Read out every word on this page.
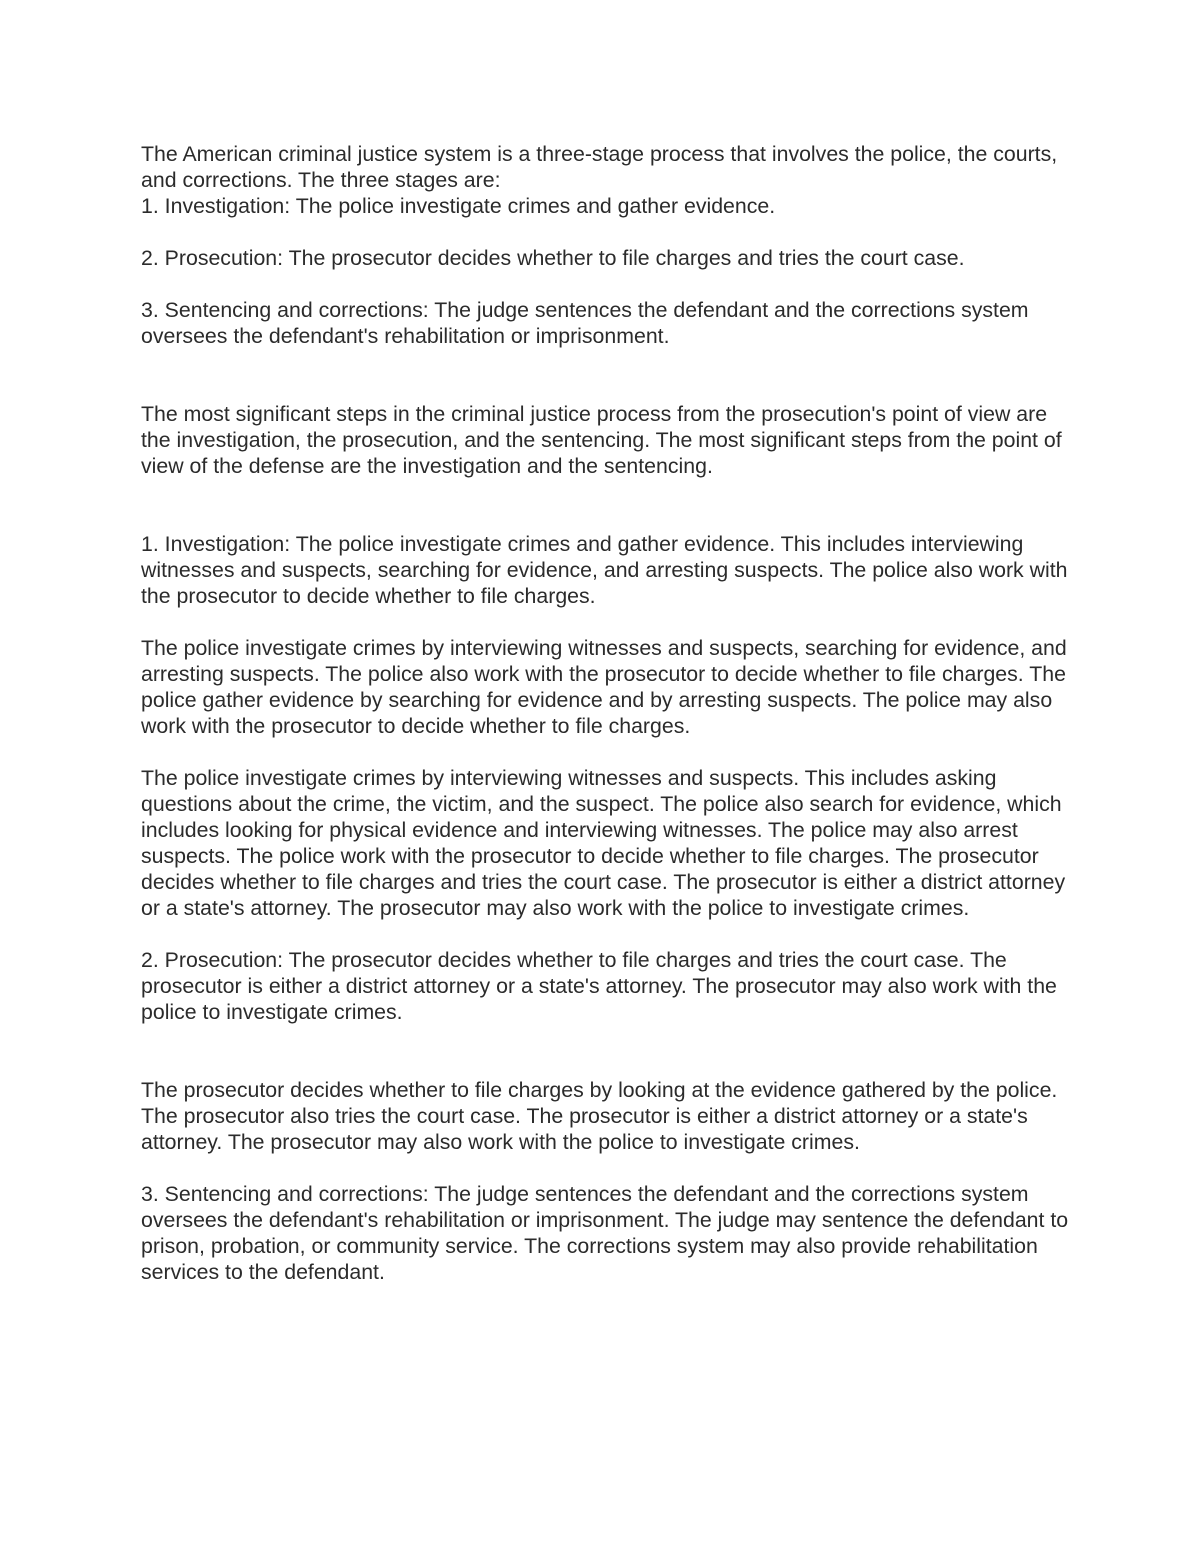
The American criminal justice system is a three-stage process that involves the police, the courts, and corrections. The three stages are:

1. Investigation: The police investigate crimes and gather evidence.

2. Prosecution: The prosecutor decides whether to file charges and tries the court case.

3. Sentencing and corrections: The judge sentences the defendant and the corrections system oversees the defendant's rehabilitation or imprisonment.

The most significant steps in the criminal justice process from the prosecution's point of view are the investigation, the prosecution, and the sentencing. The most significant steps from the point of view of the defense are the investigation and the sentencing.

1. Investigation: The police investigate crimes and gather evidence. This includes interviewing witnesses and suspects, searching for evidence, and arresting suspects. The police also work with the prosecutor to decide whether to file charges.

The police investigate crimes by interviewing witnesses and suspects, searching for evidence, and arresting suspects. The police also work with the prosecutor to decide whether to file charges. The police gather evidence by searching for evidence and by arresting suspects. The police may also work with the prosecutor to decide whether to file charges.

The police investigate crimes by interviewing witnesses and suspects. This includes asking questions about the crime, the victim, and the suspect. The police also search for evidence, which includes looking for physical evidence and interviewing witnesses. The police may also arrest suspects. The police work with the prosecutor to decide whether to file charges. The prosecutor decides whether to file charges and tries the court case. The prosecutor is either a district attorney or a state's attorney. The prosecutor may also work with the police to investigate crimes.

2. Prosecution: The prosecutor decides whether to file charges and tries the court case. The prosecutor is either a district attorney or a state's attorney. The prosecutor may also work with the police to investigate crimes.

The prosecutor decides whether to file charges by looking at the evidence gathered by the police. The prosecutor also tries the court case. The prosecutor is either a district attorney or a state's attorney. The prosecutor may also work with the police to investigate crimes.

3. Sentencing and corrections: The judge sentences the defendant and the corrections system oversees the defendant's rehabilitation or imprisonment. The judge may sentence the defendant to prison, probation, or community service. The corrections system may also provide rehabilitation services to the defendant.
